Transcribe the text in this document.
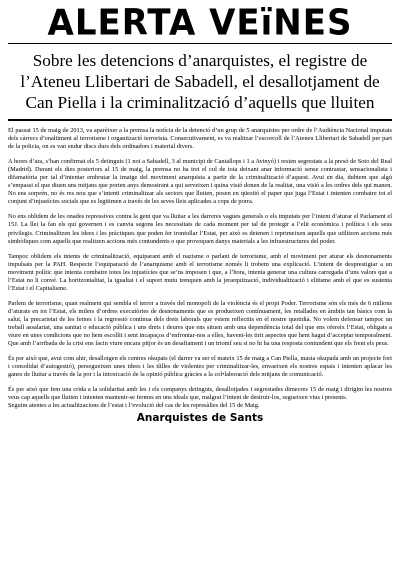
ALERTA VEïNES
Sobre les detencions d’anarquistes, el registre de l’Ateneu Llibertari de Sabadell, el desallotjament de Can Piella i la criminalització d’aquells que lluiten

El passat 15 de maig de 2013, va aparèixer a la premsa la notícia de la detenció d’un grup de 5 anarquistes per ordre de l’Audiència Nacional imputats dels càrrecs d’enaltiment al terrorisme i organització terrorista. Consecutivament, es va realitzar l’escorcoll de l’Ateneu Llibertari de Sabadell per part de la policia, on es van endur discs durs dels ordinadors i material divers.

A hores d’ara, s’han confirmat els 5 detinguts (1 noi a Sabadell, 3 al municipi de Cantallops i 1 a Avinyó) i resten segrestats a la presó de Soto del Real (Madrid). Durant els dies posteriors al 15 de maig, la premsa no ha tret el cul de tota deixant anar informació sense contrastar, sensacionalista i difamatòria per tal d’intentar embrutar la imatge del moviment anarquista a partir de la criminalització d’aquest. Avui en dia, dubtem que algú s’empassi el que diuen uns mitjans que porten anys demostrant a qui serveixen i quina visió donen de la realitat, una visió a les ordres dels qui manen. No ens sorprèn, no és res nou que s’intenti criminalitzar als sectors que lluiten, posen en qüestió el paper que juga l’Estat i intenten combatre tot el conjunt d’injustícies socials que es legitimen a través de les seves lleis aplicades a cops de porra.

No ens oblidem de les onades repressives contra la gent que va lluitar a les darreres vagues generals o els imputats per l’intent d’aturar el Parlament el 15J. La llei la fan els qui governen i es canvia segons les necessitats de cada moment per tal de protegir a l’elit econòmica i política i els seus privilegis. Criminalitzen les idees i les pràctiques que poden fer trontollar l’Estat, per això es detenen i reprimeixen aquells que utilitzen accions més simbòliques com aquells que realitzen accions més contundents o que provoquen danys materials a les infraestructures del poder.

Tampoc oblidem els intents de criminalització, equiparant amb el nazisme o parlant de terrorisme, amb el moviment per aturar els desnonaments impulsats per la PAH. Respecte l’equiparació de l’anarquisme amb el terrorisme només li trobem una explicació. L’intent de desprestigiar a un moviment polític que intenta combatre totes les injustícies que se’ns imposen i que, a l’hora, intenta generar una cultura carregada d’uns valors que a l’Estat no li convé. La horitzontalitat, la igualtat i el suport mutu trenquen amb la jerarquització, individualització i elitisme amb el que es sustenta l’Estat i el Capitalisme.

Parlem de terrorisme, quan realment qui sembla el terror a través del monopoli de la violència és el propi Poder. Terrorisme són els més de 6 milions d’aturats en tot l’Estat, els milers d’ordres executòries de desnonaments que es produeixen contínuament, les retallades en àmbits tan bàsics com la salut, la precarietat de les feines i la regressió contínua dels drets laborals que veiem reflectits en el nostre quotidià. No volem defensar tampoc un treball assalariat, una sanitat o educació pública i uns drets i deures que ens situen amb una dependència total del que ens ofereix l’Estat, obligats a viure en unes condicions que no hem escollit i sent incapaços d’enfrontar-nos a elles, havent-les tirit aspectes que hem hagut d’acceptar temporalment. Que amb l’arribada de la crisi ens facin viure encara pitjor és un desafiament i un triomf seu si no hi ha una resposta contundent que els freni els peus.

És per això que, avui com ahir, desallotgen els centres okupats (el darrer va ser el mateix 15 de maig a Can Piella, masia okupada amb un projecte fort i consolidat d’autogestió), persegueixen unes idees i les títlles de violentes per criminalitzar-les, envaeixen els nostres espais i intenten aplacar les ganes de lluitar a través de la por i la intoxicació de la opinió pública gràcies a la col•laboració dels mitjans de comunicació.

És per això que fem una crida a la solidaritat amb les i els companys detinguts, desallotjades i segrestades dimecres 15 de maig i dirigim les nostres veus cap aquells que lluiten i intenten mantenir-se fermes en uns ideals que, malgrat l’intent de destruir-los, segueixen vius i presents.

Seguim atentes a les actualitzacions de l’estat i l’evolució del cas de les represàlies del 15 de Maig.

Anarquistes de Sants
